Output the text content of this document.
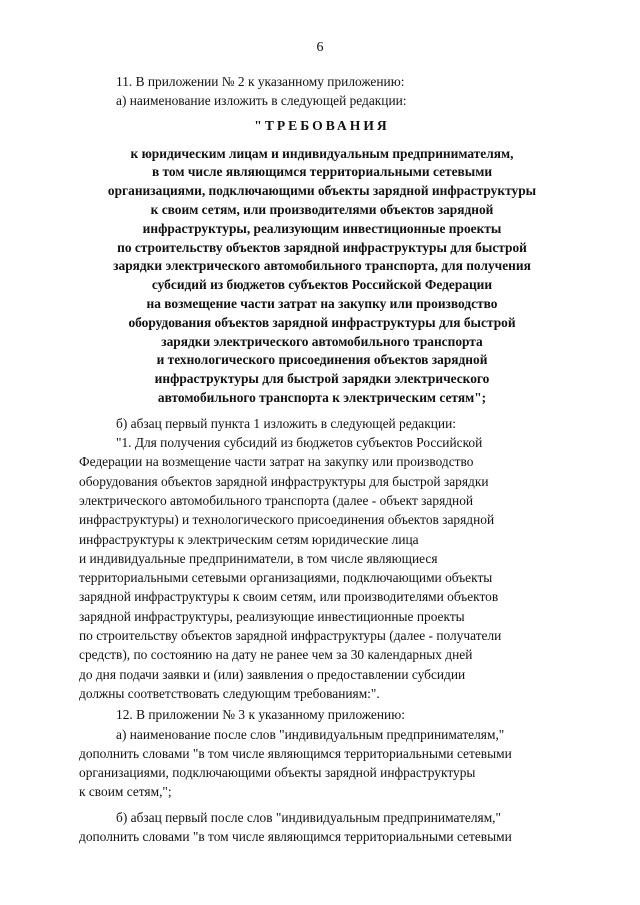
6

11. В приложении № 2 к указанному приложению:

а) наименование изложить в следующей редакции:

"ТРЕБОВАНИЯ
к юридическим лицам и индивидуальным предпринимателям,
в том числе являющимся территориальными сетевыми
организациями, подключающими объекты зарядной инфраструктуры
к своим сетям, или производителями объектов зарядной
инфраструктуры, реализующим инвестиционные проекты
по строительству объектов зарядной инфраструктуры для быстрой
зарядки электрического автомобильного транспорта, для получения
субсидий из бюджетов субъектов Российской Федерации
на возмещение части затрат на закупку или производство
оборудования объектов зарядной инфраструктуры для быстрой
зарядки электрического автомобильного транспорта
и технологического присоединения объектов зарядной
инфраструктуры для быстрой зарядки электрического
автомобильного транспорта к электрическим сетям";

б) абзац первый пункта 1 изложить в следующей редакции:

"1. Для получения субсидий из бюджетов субъектов Российской
Федерации на возмещение части затрат на закупку или производство
оборудования объектов зарядной инфраструктуры для быстрой зарядки
электрического автомобильного транспорта (далее - объект зарядной
инфраструктуры) и технологического присоединения объектов зарядной
инфраструктуры к электрическим сетям юридические лица
и индивидуальные предприниматели, в том числе являющиеся
территориальными сетевыми организациями, подключающими объекты
зарядной инфраструктуры к своим сетям, или производителями объектов
зарядной инфраструктуры, реализующие инвестиционные проекты
по строительству объектов зарядной инфраструктуры (далее - получатели
средств), по состоянию на дату не ранее чем за 30 календарных дней
до дня подачи заявки и (или) заявления о предоставлении субсидии
должны соответствовать следующим требованиям:".

12. В приложении № 3 к указанному приложению:

а) наименование после слов "индивидуальным предпринимателям,"
дополнить словами "в том числе являющимся территориальными сетевыми
организациями, подключающими объекты зарядной инфраструктуры
к своим сетям,";
б) абзац первый после слов "индивидуальным предпринимателям,"
дополнить словами "в том числе являющимся территориальными сетевыми
